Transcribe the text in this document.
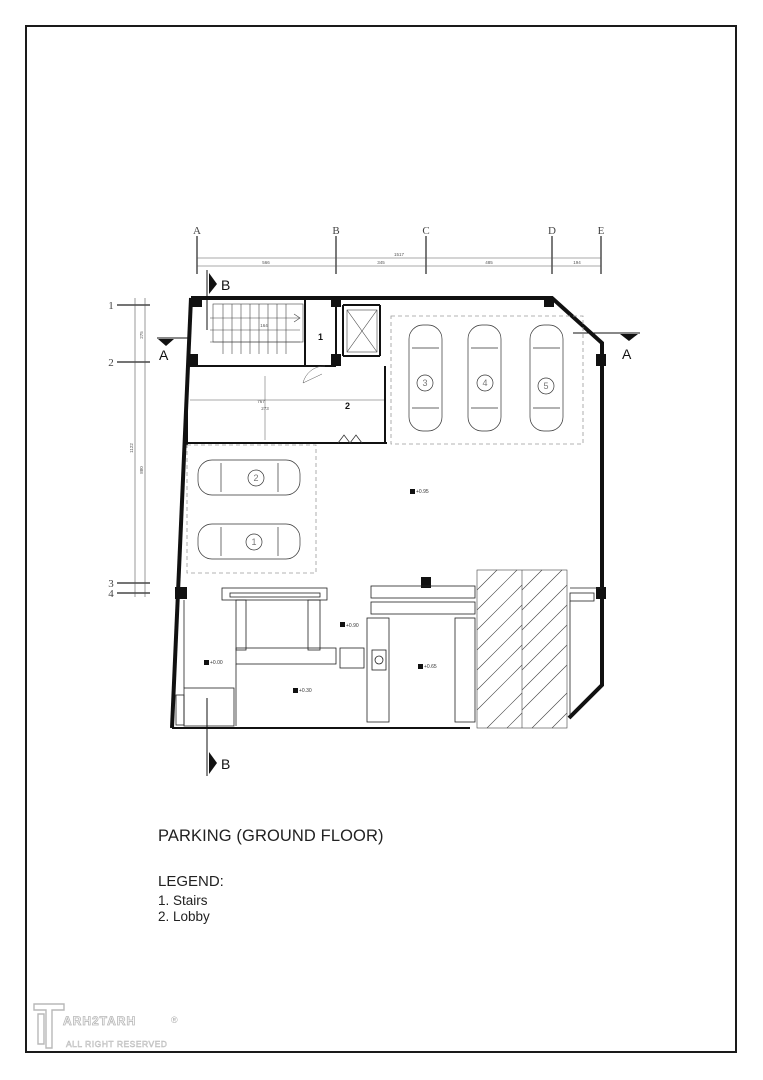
A	B	C	D	E
1517
566	345	485	194
1
2
3
4
1122
275
880
164
1
767
273	2
3	4	5
2
1
+0.95
+0.90
+0.00
+0.30
+0.65
B
B
A	A
PARKING (GROUND FLOOR)
LEGEND:
1. Stairs
2. Lobby
ARH2TARH
ALL RIGHT RESERVED
®
